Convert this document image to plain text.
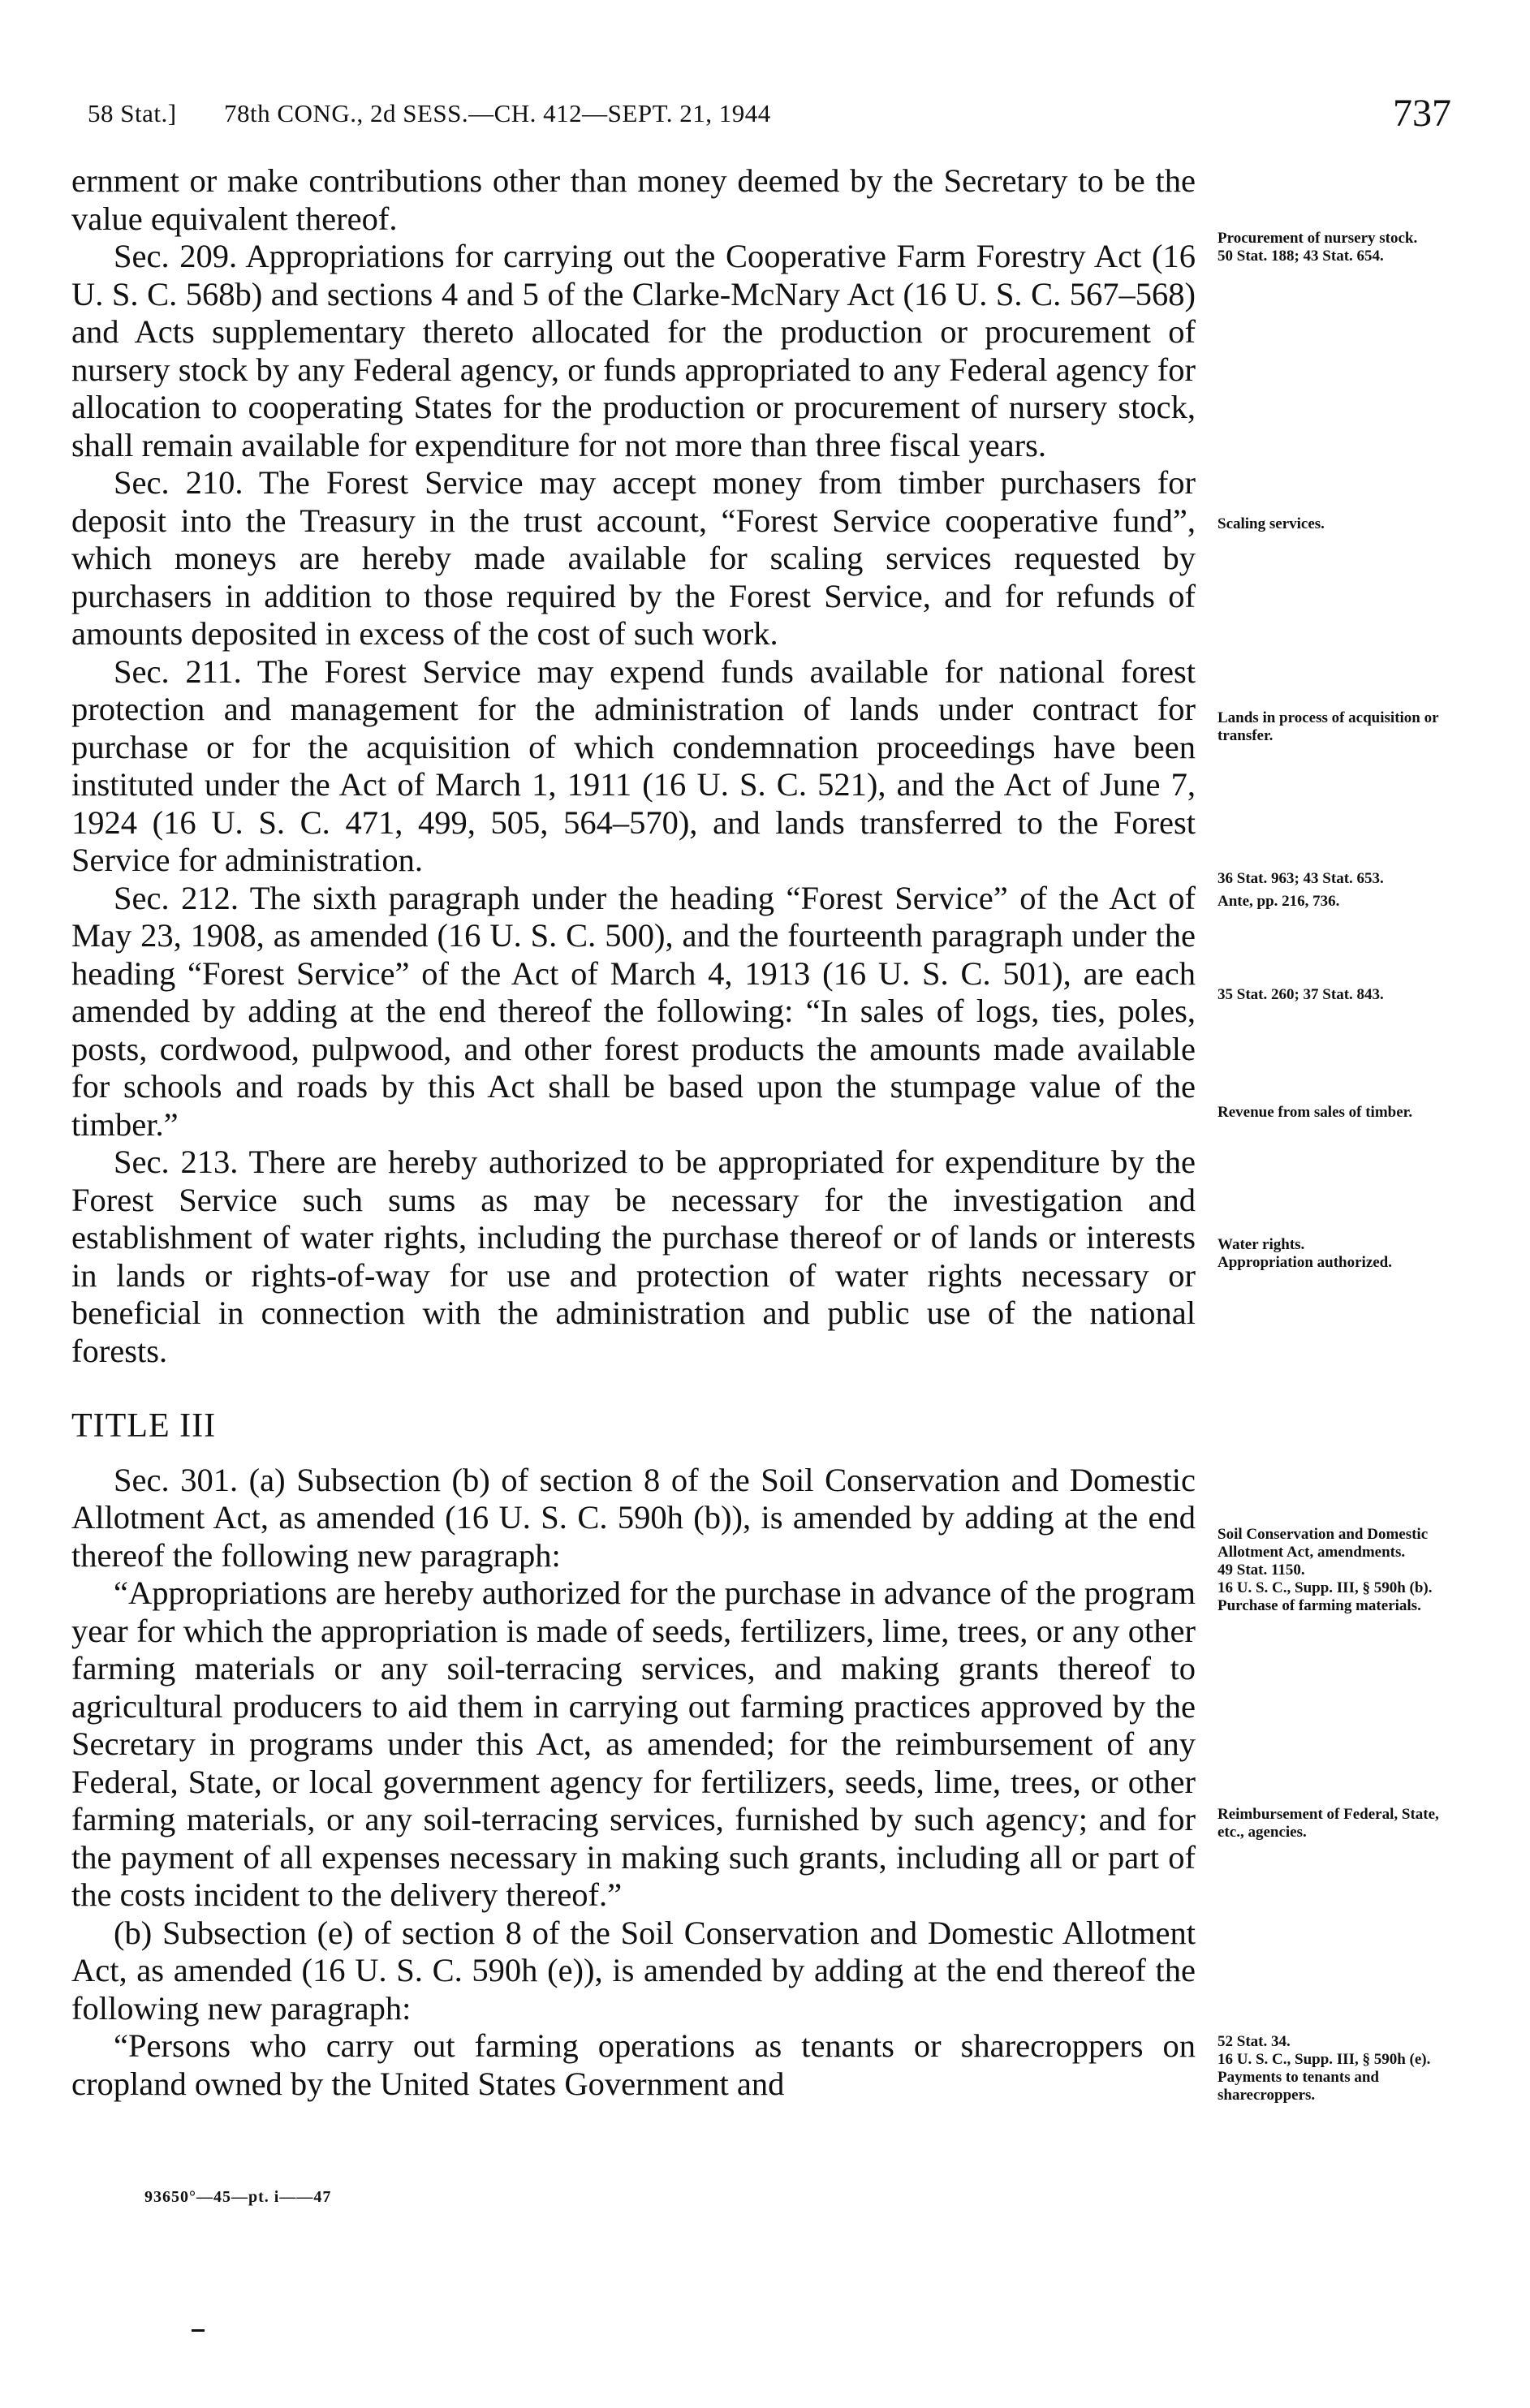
58 Stat.] 78th CONG., 2d SESS.—CH. 412—SEPT. 21, 1944	737

ernment or make contributions other than money deemed by the Secretary to be the value equivalent thereof.

Sec. 209. Appropriations for carrying out the Cooperative Farm Forestry Act (16 U. S. C. 568b) and sections 4 and 5 of the Clarke-McNary Act (16 U. S. C. 567–568) and Acts supplementary thereto allocated for the production or procurement of nursery stock by any Federal agency, or funds appropriated to any Federal agency for allocation to cooperating States for the production or procurement of nursery stock, shall remain available for expenditure for not more than three fiscal years.

Sec. 210. The Forest Service may accept money from timber purchasers for deposit into the Treasury in the trust account, “Forest Service cooperative fund”, which moneys are hereby made available for scaling services requested by purchasers in addition to those required by the Forest Service, and for refunds of amounts deposited in excess of the cost of such work.

Sec. 211. The Forest Service may expend funds available for national forest protection and management for the administration of lands under contract for purchase or for the acquisition of which condemnation proceedings have been instituted under the Act of March 1, 1911 (16 U. S. C. 521), and the Act of June 7, 1924 (16 U. S. C. 471, 499, 505, 564–570), and lands transferred to the Forest Service for administration.

Sec. 212. The sixth paragraph under the heading “Forest Service” of the Act of May 23, 1908, as amended (16 U. S. C. 500), and the fourteenth paragraph under the heading “Forest Service” of the Act of March 4, 1913 (16 U. S. C. 501), are each amended by adding at the end thereof the following: “In sales of logs, ties, poles, posts, cordwood, pulpwood, and other forest products the amounts made available for schools and roads by this Act shall be based upon the stumpage value of the timber.”

Sec. 213. There are hereby authorized to be appropriated for expenditure by the Forest Service such sums as may be necessary for the investigation and establishment of water rights, including the purchase thereof or of lands or interests in lands or rights-of-way for use and protection of water rights necessary or beneficial in connection with the administration and public use of the national forests.

TITLE III

Sec. 301. (a) Subsection (b) of section 8 of the Soil Conservation and Domestic Allotment Act, as amended (16 U. S. C. 590h (b)), is amended by adding at the end thereof the following new paragraph:

“Appropriations are hereby authorized for the purchase in advance of the program year for which the appropriation is made of seeds, fertilizers, lime, trees, or any other farming materials or any soil-terracing services, and making grants thereof to agricultural producers to aid them in carrying out farming practices approved by the Secretary in programs under this Act, as amended; for the reimbursement of any Federal, State, or local government agency for fertilizers, seeds, lime, trees, or other farming materials, or any soil-terracing services, furnished by such agency; and for the payment of all expenses necessary in making such grants, including all or part of the costs incident to the delivery thereof.”

(b) Subsection (e) of section 8 of the Soil Conservation and Domestic Allotment Act, as amended (16 U. S. C. 590h (e)), is amended by adding at the end thereof the following new paragraph:

“Persons who carry out farming operations as tenants or sharecroppers on cropland owned by the United States Government and

Procurement of nursery stock.
50 Stat. 188; 43 Stat. 654.
Scaling services.
Lands in process of acquisition or transfer.
36 Stat. 963; 43 Stat. 653.
Ante, pp. 216, 736.
35 Stat. 260; 37 Stat. 843.
Revenue from sales of timber.
Water rights.
Appropriation authorized.
Soil Conservation and Domestic Allotment Act, amendments.
49 Stat. 1150.
16 U. S. C., Supp. III, § 590h (b).
Purchase of farming materials.
Reimbursement of Federal, State, etc., agencies.
52 Stat. 34.
16 U. S. C., Supp. III, § 590h (e).
Payments to tenants and sharecroppers.
93650°—45—pt. i——47
